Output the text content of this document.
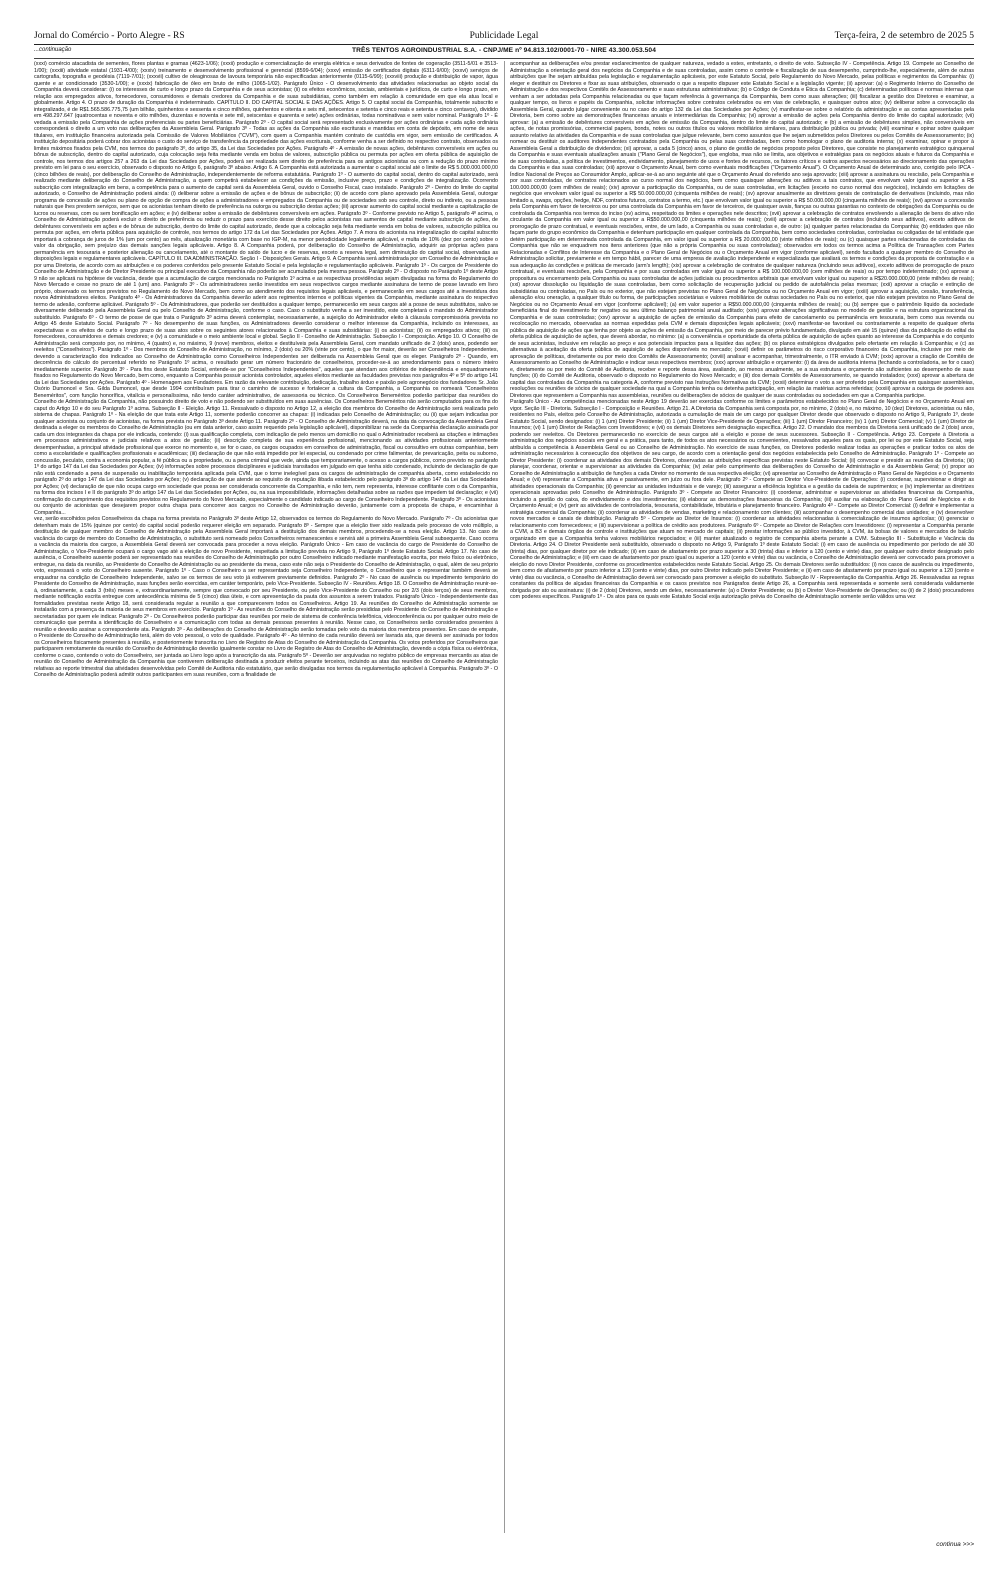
Jornal do Comércio - Porto Alegre - RS	Publicidade Legal	Terça-feira, 2 de setembro de 2025 5
...continuação	TRÊS TENTOS AGROINDUSTRIAL S.A. - CNPJ/ME nº 94.813.102/0001-70 - NIRE 43.300.053.504

(xxxi) comércio atacadista de sementes, flores plantas e gramas (4623-1/06); (xxxii) produção e comercialização de energia elétrica e seus derivados de fontes de cogeração (3511-5/01 e 3513-1/00); (xxxiii) atividade estatal (1931-4/00); (xxxiv) treinamento e desenvolvimento profissional e gerencial (8599-6/04); (xxxv) emissão de certificados digitais (6311-9/00); (xxxvi) serviços de cartografia, topografia e geodésia (7119-7/01); (xxxvii) cultivo de oleaginosas de lavoura temporária não especificadas anteriormente (0115-6/99); (xxxviii) produção e distribuição de vapor, água quente e ar condicionado (3530-1/00); e (xxxix) fabricação de óleo em bruto de milho (1065-1/02). Parágrafo Único - O desenvolvimento das atividades relacionadas ao objeto social da Companhia deverá considerar: (i) os interesses de curto e longo prazo da Companhia e de seus acionistas; (ii) os efeitos econômicos, sociais, ambientais e jurídicos, de curto e longo prazo, em relação aos empregados ativos, fornecedores, consumidores e demais credores da Companhia e de suas subsidiárias, como também em relação à comunidade em que ela atua local e globalmente. Artigo 4. O prazo de duração da Companhia é indeterminado. CAPÍTULO II. DO CAPITAL SOCIAL E DAS AÇÕES. Artigo 5. O capital social da Companhia, totalmente subscrito e integralizado, é de R$1.565.586.775,75 (um bilhão, quinhentos e sessenta e cinco milhões, quinhentos e oitenta e seis mil, setecentos e setenta e cinco reais e setenta e cinco centavos), dividido em 498.297.647 (quatrocentas e noventa e oito milhões, duzentas e noventa e sete mil, seiscentas e quarenta e sete) ações ordinárias, todas nominativas e sem valor nominal. Parágrafo 1º - É vedada a emissão pela Companhia de ações preferenciais ou partes beneficiárias. Parágrafo 2º - O capital social será representado exclusivamente por ações ordinárias e cada ação ordinária corresponderá o direito a um voto nas deliberações da Assembleia Geral. Parágrafo 3º - Todas as ações da Companhia são escriturais e mantidas em conta de depósito, em nome de seus titulares, em instituição financeira autorizada pela Comissão de Valores Mobiliários ("CVM"), com quem a Companhia mantém contrato de custódia em vigor, sem emissão de certificados. A instituição depositária poderá cobrar dos acionistas o custo do serviço de transferência da propriedade das ações escriturais, conforme venha a ser definido no respectivo contrato, observados os limites máximos fixados pela CVM, nos termos do parágrafo 3º, do artigo 35, da Lei das Sociedades por Ações. Parágrafo 4º - A emissão de novas ações, debêntures conversíveis em ações ou bônus de subscrição, dentro do capital autorizado, cuja colocação seja feita mediante venda em bolsa de valores, subscrição pública ou permuta por ações em oferta pública de aquisição de controle, nos termos dos artigos 257 a 263 da Lei das Sociedades por Ações, poderá ser realizada sem direito de preferência para os antigos acionistas ou com a redução do prazo mínimo previsto em lei para o seu exercício, observado o disposto no Artigo 6, parágrafo 3º abaixo. Artigo 6. A Companhia está autorizada a aumentar o capital social até o limite de R$ 5.000.000.000,00 (cinco bilhões de reais), por deliberação do Conselho de Administração, independentemente de reforma estatutária. Parágrafo 1º - O aumento do capital social, dentro do capital autorizado, será realizado mediante deliberação do Conselho de Administração, a quem competirá estabelecer as condições da emissão, inclusive preço, prazo e condições de integralização. Ocorrendo subscrição com integralização em bens, a competência para o aumento de capital será da Assembleia Geral, ouvido o Conselho Fiscal, caso instalado. Parágrafo 2º - Dentro do limite do capital autorizado, o Conselho de Administração poderá ainda: (i) deliberar sobre a emissão de ações e de bônus de subscrição; (ii) de acordo com plano aprovado pela Assembleia Geral, outorgar programa de concessão de ações ou plano de opção de compra de ações a administradores e empregados da Companhia ou de sociedades sob seu controle, direto ou indireto, ou a pessoas naturais que lhes prestem serviços, sem que os acionistas tenham direito de preferência na outorga ou subscrição destas ações; (iii) aprovar aumento do capital social mediante a capitalização de lucros ou reservas, com ou sem bonificação em ações; e (iv) deliberar sobre a emissão de debêntures conversíveis em ações. Parágrafo 3º - Conforme previsto no Artigo 5, parágrafo 4º acima, o Conselho de Administração poderá excluir o direito de preferência ou reduzir o prazo para exercício desse direito pelos acionistas nas aumentos de capital mediante subscrição de ações, de debêntures conversíveis em ações e de bônus de subscrição, dentro do limite do capital autorizado, desde que a colocação seja feita mediante venda em bolsa de valores, subscrição pública ou permuta por ações, em oferta pública para aquisição de controle, nos termos do artigo 172 da Lei das Sociedades por Ações. Artigo 7. A mora do acionista na integralização do capital subscrito importará a cobrança de juros de 1% (um por cento) ao mês, atualização monetária com base no IGP-M, na menor periodicidade legalmente aplicável, e multa de 10% (dez por cento) sobre o valor da obrigação, sem prejuízo das demais sanções legais aplicáveis. Artigo 8. A Companhia poderá, por deliberação do Conselho de Administração, adquirir as próprias ações para permanência em tesouraria e posterior alienação ou cancelamento, até o montante do saldo de lucro e de reservas, exceto a reserva legal, sem diminuição do capital social, observadas as disposições legais e regulamentares aplicáveis. CAPÍTULO III. DA ADMINISTRAÇÃO. Seção I - Disposições Gerais. Artigo 9. A Companhia será administrada por um Conselho de Administração e por uma Diretoria, de acordo com as atribuições e os poderes conferidos pelo presente Estatuto Social e pela legislação e regulamentação aplicáveis. Parágrafo 1º - Os cargos de Presidente do Conselho de Administração e de Diretor Presidente ou principal executivo da Companhia não poderão ser acumulados pela mesma pessoa. Parágrafo 2º - O disposto no Parágrafo 1º deste Artigo 9 não se aplicará na hipótese de vacância, desde que a acumulação de cargos mencionada no Parágrafo 1º acima e as respectivas providências sejam divulgadas na forma do Regulamento do Novo Mercado e cesse no prazo de até 1 (um) ano. Parágrafo 3º - Os administradores serão investidos em seus respectivos cargos mediante assinatura de termo de posse lavrado em livro próprio, observado os termos previstos no Regulamento do Novo Mercado, bem como ao atendimento dos requisitos legais aplicáveis, e permanecerão em seus cargos até a investidura dos novos Administradores eleitos. Parágrafo 4º - Os Administradores da Companhia deverão aderir aos regimentos internos e políticas vigentes da Companhia, mediante assinatura do respectivo termo de adesão, conforme aplicável. Parágrafo 5º - Os Administradores, que poderão ser destituídos a qualquer tempo, permanecerão em seus cargos até a posse de seus substitutos, salvo se diversamente deliberado pela Assembleia Geral ou pelo Conselho de Administração, conforme o caso. Caso o substituto venha a ser investido, este completará o mandato do Administrador substituído. Parágrafo 6º - O termo de posse de que trata o Parágrafo 3º acima deverá contemplar, necessariamente, a sujeição do Administrador eleito à cláusula compromissória prevista no Artigo 45 deste Estatuto Social. Parágrafo 7º - No desempenho de suas funções, os Administradores deverão considerar o melhor interesse da Companhia, incluindo os interesses, as expectativas e os efeitos de curto e longo prazo de suas atos sobre os seguintes atores relacionados à Companhia e suas subsidiárias: (i) os acionistas; (ii) os empregados ativos; (iii) os fornecedores, consumidores e demais credores; e (iv) a comunidade e o meio ambiente local e global. Seção II - Conselho de Administração. Subseção I - Composição. Artigo 10. O Conselho de Administração será composto por, no mínimo, 4 (quatro) e, no máximo, 9 (nove) membros, eleitos e destituíveis pela Assembleia Geral, com mandato unificado de 2 (dois) anos, podendo ser reeleitos ("Conselheiros"). Parágrafo 1º - Dos membros do Conselho de Administração, no mínimo, 2 (dois) ou 20% (vinte por cento), o que for maior, deverão ser Conselheiros Independentes, devendo a caracterização dos indicados ao Conselho de Administração como Conselheiros Independentes ser deliberada na Assembleia Geral que os eleger. Parágrafo 2º - Quando, em decorrência do cálculo do percentual referido no Parágrafo 1º acima, o resultado gerar um número fracionário de conselheiros, proceder-se-á ao arredondamento para o número inteiro imediatamente superior. Parágrafo 3º - Para fins deste Estatuto Social, entende-se por "Conselheiros Independentes", aqueles que atendam aos critérios de independência e enquadramento fixados no Regulamento do Novo Mercado, bem como, enquanto a Companhia possuir acionista controlador, aqueles eleitos mediante as faculdades previstas nos parágrafos 4º e 5º do artigo 141 da Lei das Sociedades por Ações. Parágrafo 4º - Homenagem aos Fundadores. Em razão da relevante contribuição, dedicação, trabalho árduo e paixão pelo agronegócio dos fundadores Sr. João Osório Dumoncel e Sra. Gilda Dumoncel, que desde 1994 contribuíram para tirar o caminho de sucesso e fortalecer a cultura da Companhia, a Companhia os nomeará "Conselheiros Beneméritos", com função honorífica, vitalícia e personalíssima, não tendo caráter administrativo, de assessoria ou técnico. Os Conselheiros Beneméritos poderão participar das reuniões do Conselho de Administração da Companhia, não possuindo direito de voto e não podendo ser substituídos em suas ausências. Os Conselheiros Beneméritos não serão computados para os fins do caput do Artigo 10 e do seu Parágrafo 1º acima. Subseção II - Eleição. Artigo 11. Ressalvado o disposto no Artigo 12, a eleição dos membros do Conselho de Administração será realizada pelo sistema de chapas. Parágrafo 1º - Na eleição de que trata este Artigo 11, somente poderão concorrer as chapas: (i) indicadas pelo Conselho de Administração; ou (ii) que sejam indicadas por qualquer acionista ou conjunto de acionistas, na forma prevista no Parágrafo 3º deste Artigo 11. Parágrafo 2º - O Conselho de Administração deverá, na data da convocação da Assembleia Geral destinada a eleger os membros do Conselho de Administração (ou em data anterior, caso assim requerido pela legislação aplicável), disponibilizar na sede da Companhia declaração assinada por cada um dos integrantes da chapa por ele indicada, contendo: (i) sua qualificação completa, com indicação de pelo menos um domicílio no qual o Administrador receberá as citações e intimações em processos administrativos e judiciais relativos a atos de gestão; (ii) descrição completa de sua experiência profissional, mencionando as atividades profissionais anteriormente desempenhadas, a principal atividade profissional que exerce no momento e, se for o caso, os cargos ocupados em conselhos de administração, fiscal ou consultivo em outras companhias, bem como a escolaridade e qualificações profissionais e acadêmicas; (iii) declaração de que não está impedido por lei especial, ou condenado por crime falimentar, de prevaricação, peita ou suborno, concussão, peculato, contra a economia popular, a fé pública ou a propriedade, ou a pena criminal que vede, ainda que temporariamente, o acesso a cargos públicos, como previsto no parágrafo 1º do artigo 147 da Lei das Sociedades por Ações; (iv) informações sobre processos disciplinares e judiciais transitados em julgado em que tenha sido condenado, incluindo de declaração de que não está condenado a pena de suspensão ou inabilitação temporária aplicada pela CVM, que o torne inelegível para os cargos de administração de companhia aberta, como estabelecido no parágrafo 2º do artigo 147 da Lei das Sociedades por Ações; (v) declaração de que atende ao requisito de reputação ilibada estabelecido pelo parágrafo 3º do artigo 147 da Lei das Sociedades por Ações; (vi) declaração de que não ocupa cargo em sociedade que possa ser considerada concorrente da Companhia, e não tem, nem representa, interesse conflitante com o da Companhia, na forma dos incisos I e II do parágrafo 3º do artigo 147 da Lei das Sociedades por Ações, ou, na sua impossibilidade, informações detalhadas sobre as razões que impedem tal declaração; e (vii) confirmação do cumprimento dos requisitos previstos no Regulamento do Novo Mercado, especialmente o candidato indicado ao cargo de Conselheiro Independente. Parágrafo 3º - Os acionistas ou conjunto de acionistas que desejarem propor outra chapa para concorrer aos cargos no Conselho de Administração deverão, juntamente com a proposta de chapa, e encaminhar à Companhia...

vez, serão escolhidos pelos Conselheiros da chapa na forma prevista no Parágrafo 3º deste Artigo 12, observados os termos do Regulamento do Novo Mercado. Parágrafo 7º - Os acionistas que detenham mais de 15% (quinze por cento) do capital social poderão requerer eleição em separado. Parágrafo 8º - Sempre que a eleição tiver sido realizada pelo processo de voto múltiplo, a destituição de qualquer membro do Conselho de Administração pela Assembleia Geral importará a destituição dos demais membros, procedendo-se a nova eleição. Artigo 13. No caso de vacância do cargo de membro do Conselho de Administração, o substituto será nomeado pelos Conselheiros remanescentes e servirá até a primeira Assembleia Geral subsequente. Caso ocorra a vacância da maioria dos cargos, a Assembleia Geral deverá ser convocada para proceder a nova eleição. Parágrafo Único - Em caso de vacância do cargo de Presidente do Conselho de Administração, o Vice-Presidente ocupará o cargo vago até a eleição de novo Presidente, respeitada a limitação prevista no Artigo 9, Parágrafo 1º deste Estatuto Social. Artigo 17. No caso de ausência, o Conselheiro ausente poderá ser representado nas reuniões do Conselho de Administração por outro Conselheiro indicado mediante manifestação escrita, por meio físico ou eletrônico, entregue, na data da reunião, ao Presidente do Conselho de Administração ou ao presidente da mesa, caso este não seja o Presidente do Conselho de Administração, o qual, além de seu próprio voto, expressará o voto do Conselheiro ausente. Parágrafo 1º - Caso o Conselheiro a ser representado seja Conselheiro Independente, o Conselheiro que o representar também deverá se enquadrar na condição de Conselheiro Independente, salvo se os termos de seu voto já estiverem previamente definidos. Parágrafo 2º - No caso de ausência ou impedimento temporário do Presidente do Conselho de Administração, suas funções serão exercidas, em caráter temporário, pelo Vice-Presidente. Subseção IV - Reuniões. Artigo 18. O Conselho de Administração reunir-se-á, ordinariamente, a cada 3 (três) meses e, extraordinariamente, sempre que convocado por seu Presidente, ou pelo Vice-Presidente do Conselho ou por 2/3 (dois terços) de seus membros, mediante notificação escrita entregue com antecedência mínima de 5 (cinco) dias úteis, e com apresentação da pauta dos assuntos a serem tratados. Parágrafo Único - Independentemente das formalidades previstas neste Artigo 18, será considerada regular a reunião a que comparecerem todos os Conselheiros. Artigo 19. As reuniões do Conselho de Administração somente se instalarão com a presença da maioria de seus membros em exercício. Parágrafo 1º - As reuniões do Conselho de Administração serão presididas pelo Presidente do Conselho de Administração e secretariadas por quem ele indicar. Parágrafo 2º - Os Conselheiros poderão participar das reuniões por meio de sistema de conferência telefônica, videoconferência ou por qualquer outro meio de comunicação que permita a identificação do Conselheiro e a comunicação com todas as demais pessoas presentes à reunião. Nesse caso, os Conselheiros serão considerados presentes à reunião e deverão assinar a correspondente ata. Parágrafo 3º - As deliberações do Conselho de Administração serão tomadas pelo voto da maioria dos membros presentes. Em caso de empate, o Presidente do Conselho de Administração terá, além do voto pessoal, o voto de qualidade. Parágrafo 4º - Ao término de cada reunião deverá ser lavrada ata, que deverá ser assinada por todos os Conselheiros fisicamente presentes à reunião, e posteriormente transcrita no Livro de Registro de Atas do Conselho de Administração da Companhia. Os votos proferidos por Conselheiros que participarem remotamente da reunião do Conselho de Administração deverão igualmente constar no Livro de Registro de Atas do Conselho de Administração, devendo a cópia física ou eletrônica, conforme o caso, contendo o voto do Conselheiro, ser juntada ao Livro logo após a transcrição da ata. Parágrafo 5º - Deverão ser arquivadas no registro público de empresas mercantis as atas de reunião do Conselho de Administração da Companhia que contiverem deliberação destinada a produzir efeitos perante terceiros, incluindo as atas das reuniões do Conselho de Administração relativas ao reporte trimestral das atividades desenvolvidas pelo Comitê de Auditoria não estatutário, que serão divulgadas nos termos da regulamentação aplicável à Companhia. Parágrafo 3º - O Conselho de Administração poderá admitir outros participantes em suas reuniões, com a finalidade de

acompanhar as deliberações e/ou prestar esclarecimentos de qualquer natureza, vedado a estes, entretanto, o direito de voto. Subseção IV - Competência. Artigo 19. Compete ao Conselho de Administração a orientação geral dos negócios da Companhia e de suas controladas, assim como o controle e fiscalização de sua desempenho, cumprindo-lhe, especialmente, além de outras atribuições que lhe sejam atribuídas pela legislação e regulamentação aplicáveis, por este Estatuto Social, pelo Regulamento do Novo Mercado, pelas políticas e regimentos da Companhia: (i) eleger e destituir os Diretores e fixar as suas atribuições, observado o que a respeito dispuser este Estatuto Social e a legislação vigente; (ii) aprovar: (a) o Regimento Interno do Conselho de Administração e dos respectivos Comitês de Assessoramento e suas estruturas administrativas; (b) o Código de Conduta e Ética da Companhia; (c) determinadas políticas e normas internas que venham a ser adotadas pela Companhia relacionadas ou que façam referência à governança da Companhia, bem como suas alterações; (iii) fiscalizar a gestão dos Diretores e examinar, a qualquer tempo, os livros e papéis da Companhia, solicitar informações sobre contratos celebrados ou em vias de celebração, e quaisquer outros atos; (iv) deliberar sobre a convocação da Assembleia Geral, quando julgar conveniente ou no caso do artigo 132 da Lei das Sociedades por Ações; (v) manifestar-se sobre o relatório da administração e as contas apresentadas pela Diretoria, bem como sobre as demonstrações financeiras anuais e intermediárias da Companhia; (vi) aprovar a emissão de ações pela Companhia dentro do limite do capital autorizado; (vii) aprovar: (a) a emissão de debêntures conversíveis em ações de emissão da Companhia, dentro do limite do capital autorizado; e (b) a emissão de debêntures simples, não conversíveis em ações, de notas promissórias, commercial papers, bonds, notes ou outros títulos ou valores mobiliários similares, para distribuição pública ou privada; (viii) examinar e opinar sobre qualquer assunto relativo às atividades da Companhia e de suas controladas que julgue relevante, bem como assuntos que lhe sejam submetidos pelos Diretores ou pelos Comitês de Assessoramento; (ix) nomear ou destituir os auditores independentes contratados pela Companhia ou pelas suas controladas, bem como homologar o plano de auditoria interna; (x) examinar, opinar e propor à Assembleia Geral a distribuição de dividendos; (xi) aprovar, a cada 5 (cinco) anos, o plano de gestão de negócios proposto pelos Diretores, que consiste no planejamento estratégico quinquenal da Companhia e suas eventuais atualizações anuais ("Plano Geral de Negócios"), que engloba, mas não se limita, aos objetivos e estratégias para os negócios atuais e futuros da Companhia e de suas controladas, a política de investimentos, endividamento, planejamento de usos e fontes de recursos, os fatores críticos e outros aspectos necessários ao direcionamento das operações da Companhia e das suas controladas; (xii) aprovar o Orçamento Anual, bem como eventuais modificações ("Orçamento Anual"). O Orçamento Anual de determinado ano, corrigido pelo IPCA - Índice Nacional de Preços ao Consumidor Amplo, aplicar-se-á ao ano seguinte até que o Orçamento Anual do referido ano seja aprovado; (xiii) aprovar a assinatura ou rescisão, pela Companhia e por suas controladas, de contratos relacionados ao curso normal dos negócios, bem como quaisquer alterações ou aditivos a tais contratos, que envolvam valor igual ou superior a R$ 100.000.000,00 (cem milhões de reais); (xiv) aprovar a participação da Companhia, ou de suas controladas, em licitações (exceto no curso normal dos negócios), incluindo em licitações de negócios que envolvam valor igual ou superior a R$ 50.000.000,00 (cinquenta milhões de reais); (xv) aprovar anualmente as diretrizes gerais de contratação de derivativos (incluindo, mas não limitado a, swaps, opções, hedge, NDF, contratos futuros, contratos a termo, etc.) que envolvam valor igual ou superior a R$ 50.000.000,00 (cinquenta milhões de reais); (xvi) aprovar a concessão pela Companhia em favor de terceiros ou por uma controlada da Companhia em favor de terceiros, de quaisquer avais, fianças ou outras garantias no contexto de obrigações da Companhia ou de controlada da Companhia nos termos do inciso (xv) acima, respeitado os limites e operações nele descritos; (xvii) aprovar a celebração de contratos envolvendo a alienação de bens do ativo não circulante da Companhia em valor igual ou superior a R$50.000.000,00 (cinquenta milhões de reais); (xviii) aprovar a celebração de contratos (incluindo seus aditivos), exceto aditivos de prorrogação de prazo contratual, e eventuais rescisões, entre, de um lado, a Companhia ou suas controladas e, de outro: (a) qualquer partes relacionadas da Companhia; (b) entidades que não façam parte do grupo econômico da Companhia e detenham participação em qualquer controlada da Companhia, bem como sociedades controladas, controladas ou coligadas de tal entidade que detém participação em determinada controlada da Companhia, em valor igual ou superior a R$ 20.000.000,00 (vinte milhões de reais); ou (c) quaisquer partes relacionadas de controladas da Companhia que não se enquadrem nos itens anteriores (que não a própria Companhia ou suas controladas); observados em todos os termos acima a Política de Transações com Partes Relacionadas e Conflitos de Interesse da Companhia e o Plano Geral de Negócios ou o Orçamento Anual em vigor (conforme aplicável), sendo facultado a qualquer membro do Conselho de Administração solicitar, previamente e em tempo hábil, parecer de uma empresa de avaliação independente e especializada que avaliará os termos e condições da proposta de contratação e a sua adequação às condições e práticas de mercado (arm's length); (xix) aprovar a celebração de contratos de qualquer natureza (incluindo seus aditivos), exceto aditivos de prorrogação de prazo contratual, e eventuais rescisões, pela Companhia e por suas controladas em valor igual ou superior a R$ 100.000.000,00 (cem milhões de reais) ou por tempo indeterminado; (xx) aprovar a propositura ou encerramento pela Companhia ou suas controladas de ações judiciais ou procedimentos arbitrais que envolvam valor igual ou superior a R$20.000.000,00 (vinte milhões de reais); (xxi) aprovar dissolução ou liquidação de suas controladas, bem como solicitação de recuperação judicial ou pedido de autofalência pelas mesmas; (xxii) aprovar a criação e extinção de subsidiárias ou controladas, no País ou no exterior, que não estejam previstas no Plano Geral de Negócios ou no Orçamento Anual em vigor; (xxiii) aprovar a aquisição, cessão, transferência, alienação e/ou oneração, a qualquer título ou forma, de participações societárias e valores mobiliários de outras sociedades no País ou no exterior, que não estejam previstos no Plano Geral de Negócios ou no Orçamento Anual em vigor (conforme aplicável); (a) em valor superior a R$50.000.000,00 (cinquenta milhões de reais); ou (b) sempre que o patrimônio líquido da sociedade beneficiária final do investimento for negativo ou seu último balanço patrimonial anual auditado; (xxiv) aprovar alterações significativas no modelo de gestão e na estrutura organizacional da Companhia e de suas controladas; (xxv) aprovar a aquisição de ações de emissão da Companhia para efeito de cancelamento ou permanência em tesouraria, bem como sua revenda ou recolocação no mercado, observadas as normas expedidas pela CVM e demais disposições legais aplicáveis; (xxvi) manifestar-se favorável ou contrariamente a respeito de qualquer oferta pública de aquisição de ações que tenha por objeto as ações de emissão da Companhia, por meio de parecer prévio fundamentado, divulgado em até 15 (quinze) dias da publicação do edital da oferta pública de aquisição de ações, que deverá abordar, no mínimo: (a) a conveniência e oportunidade da oferta pública de aquisição de ações quanto ao interesse da Companhia e do conjunto de seus acionistas, inclusive em relação ao preço e aos potenciais impactos para a liquidez das ações; (b) os planos estratégicos divulgados pelo ofertante em relação à Companhia; e (c) as alternativas à aceitação da oferta pública de aquisição de ações disponíveis no mercado; (xxvii) definir os parâmetros do risco corporativo financeiro da Companhia, inclusive por meio de aprovação de políticas, diretamente ou por meio dos Comitês de Assessoramento; (xxviii) analisar e acompanhar, trimestralmente, o ITR enviado à CVM; (xxix) aprovar a criação de Comitês de Assessoramento ao Conselho de Administração e indicar seus respectivos membros; (xxx) aprovar atribuição e orçamento: (i) da área de auditoria interna (fechando a controladoria, se for o caso) e, diretamente ou por meio do Comitê de Auditoria, receber e reporte dessa área, avaliando, ao menos anualmente, se a sua estrutura e orçamento são suficientes ao desempenho de suas funções; (ii) do Comitê de Auditoria, observado o disposto no Regulamento do Novo Mercado; e (iii) dos demais Comitês de Assessoramento, se quando instalados; (xxxi) aprovar a abertura de capital das controladas da Companhia na categoria A, conforme previsto nas Instruções Normativas da CVM; (xxxii) determinar o voto a ser proferido pela Companhia em quaisquer assembleias, resoluções ou reuniões de sócios de qualquer sociedade na qual a Companhia tenha ou detenha participação, em relação às matérias acima referidas; (xxxiii) aprovar a outorga de poderes aos Diretores que representem a Companhia nas assembleias, reuniões ou deliberações de sócios de qualquer de suas controladas ou sociedades em que a Companhia participe.

Parágrafo Único - As competências mencionadas neste Artigo 19 deverão ser exercidas conforme os limites e parâmetros estabelecidos no Plano Geral de Negócios e no Orçamento Anual em vigor. Seção III - Diretoria. Subseção I - Composição e Reuniões. Artigo 21. A Diretoria da Companhia será composta por, no mínimo, 2 (dois) e, no máximo, 10 (dez) Diretores, acionistas ou não, residentes no País, eleitos pelo Conselho de Administração, autorizada a cumulação de mais de um cargo por qualquer Diretor desde que observado o disposto no Artigo 9, Parágrafo 1º, deste Estatuto Social, sendo designados: (i) 1 (um) Diretor Presidente; (ii) 1 (um) Diretor Vice-Presidente de Operações; (iii) 1 (um) Diretor Financeiro; (iv) 1 (um) Diretor Comercial; (v) 1 (um) Diretor de Insumos; (vi) 1 (um) Diretor de Relações com Investidores; e (vii) os demais Diretores sem designação específica. Artigo 22. O mandato dos membros da Diretoria será unificado de 2 (dois) anos, podendo ser reeleitos. Os Diretores permanecerão no exercício de seus cargos até a eleição e posse de seus sucessores. Subseção II - Competência. Artigo 23. Compete à Diretoria a administração dos negócios sociais em geral e a prática, para tanto, de todos os atos necessários ou convenientes, ressalvados aqueles para os quais, por lei ou por este Estatuto Social, seja atribuída a competência à Assembleia Geral ou ao Conselho de Administração. No exercício de suas funções, os Diretores poderão realizar todas as operações e praticar todos os atos de administração necessários à consecução dos objetivos de seu cargo, de acordo com a orientação geral dos negócios estabelecida pelo Conselho de Administração. Parágrafo 1º - Compete ao Diretor Presidente: (i) coordenar as atividades dos demais Diretores, observadas as atribuições específicas previstas neste Estatuto Social; (ii) convocar e presidir as reuniões da Diretoria; (iii) planejar, coordenar, orientar e supervisionar as atividades da Companhia; (iv) zelar pelo cumprimento das deliberações do Conselho de Administração e da Assembleia Geral; (v) propor ao Conselho de Administração a atribuição de funções a cada Diretor no momento de sua respectiva eleição; (vi) apresentar ao Conselho de Administração o Plano Geral de Negócios e o Orçamento Anual; e (vii) representar a Companhia ativa e passivamente, em juízo ou fora dele. Parágrafo 2º - Compete ao Diretor Vice-Presidente de Operações: (i) coordenar, supervisionar e dirigir as atividades operacionais da Companhia; (ii) gerenciar as unidades industriais e de varejo; (iii) assegurar a eficiência logística e a gestão da cadeia de suprimentos; e (iv) implementar as diretrizes operacionais aprovadas pelo Conselho de Administração. Parágrafo 3º - Compete ao Diretor Financeiro: (i) coordenar, administrar e supervisionar as atividades financeiras da Companhia, incluindo a gestão do caixa, do endividamento e dos investimentos; (ii) elaborar as demonstrações financeiras da Companhia; (iii) auxiliar na elaboração do Plano Geral de Negócios e do Orçamento Anual; e (iv) gerir as atividades de controladoria, tesouraria, contabilidade, tributária e planejamento financeiro. Parágrafo 4º - Compete ao Diretor Comercial: (i) definir e implementar a estratégia comercial da Companhia; (ii) coordenar as atividades de vendas, marketing e relacionamento com clientes; (iii) acompanhar o desempenho comercial das unidades; e (iv) desenvolver novos mercados e canais de distribuição. Parágrafo 5º - Compete ao Diretor de Insumos: (i) coordenar as atividades relacionadas à comercialização de insumos agrícolas; (ii) gerenciar o relacionamento com fornecedores; e (iii) supervisionar a política de crédito aos produtores. Parágrafo 6º - Compete ao Diretor de Relações com Investidores: (i) representar a Companhia perante a CVM, a B3 e demais órgãos de controle e instituições que atuam no mercado de capitais; (ii) prestar informações ao público investidor, à CVM, às bolsas de valores e mercados de balcão organizado em que a Companhia tenha valores mobiliários negociados; e (iii) manter atualizado o registro de companhia aberta perante a CVM. Subseção III - Substituição e Vacância da Diretoria. Artigo 24. O Diretor Presidente será substituído, observado o disposto no Artigo 9, Parágrafo 1º deste Estatuto Social: (i) em caso de ausência ou impedimento por período de até 30 (trinta) dias, por qualquer diretor por ele indicado; (ii) em caso de afastamento por prazo superior a 30 (trinta) dias e inferior a 120 (cento e vinte) dias, por qualquer outro diretor designado pelo Conselho de Administração; e (iii) em caso de afastamento por prazo igual ou superior a 120 (cento e vinte) dias ou vacância, o Conselho de Administração deverá ser convocado para promover a eleição do novo Diretor Presidente, conforme os procedimentos estabelecidos neste Estatuto Social. Artigo 25. Os demais Diretores serão substituídos: (i) nos casos de ausência ou impedimento, bem como de afastamento por prazo inferior a 120 (cento e vinte) dias, por outro Diretor indicado pelo Diretor Presidente; e (ii) em caso de afastamento por prazo igual ou superior a 120 (cento e vinte) dias ou vacância, o Conselho de Administração deverá ser convocado para promover a eleição do substituto. Subseção IV - Representação da Companhia. Artigo 26. Ressalvadas as regras constantes da política de alçadas financeiras da Companhia e os casos previstos nos Parágrafos deste Artigo 26, a Companhia será representada e somente será considerada validamente obrigada por ato ou assinatura: (i) de 2 (dois) Diretores, sendo um deles, necessariamente: (a) o Diretor Presidente; ou (b) o Diretor Vice-Presidente de Operações; ou (ii) de 2 (dois) procuradores com poderes específicos. Parágrafo 1º - Os atos para os quais este Estatuto Social exija autorização prévia do Conselho de Administração somente serão válidos uma vez

continua >>>
